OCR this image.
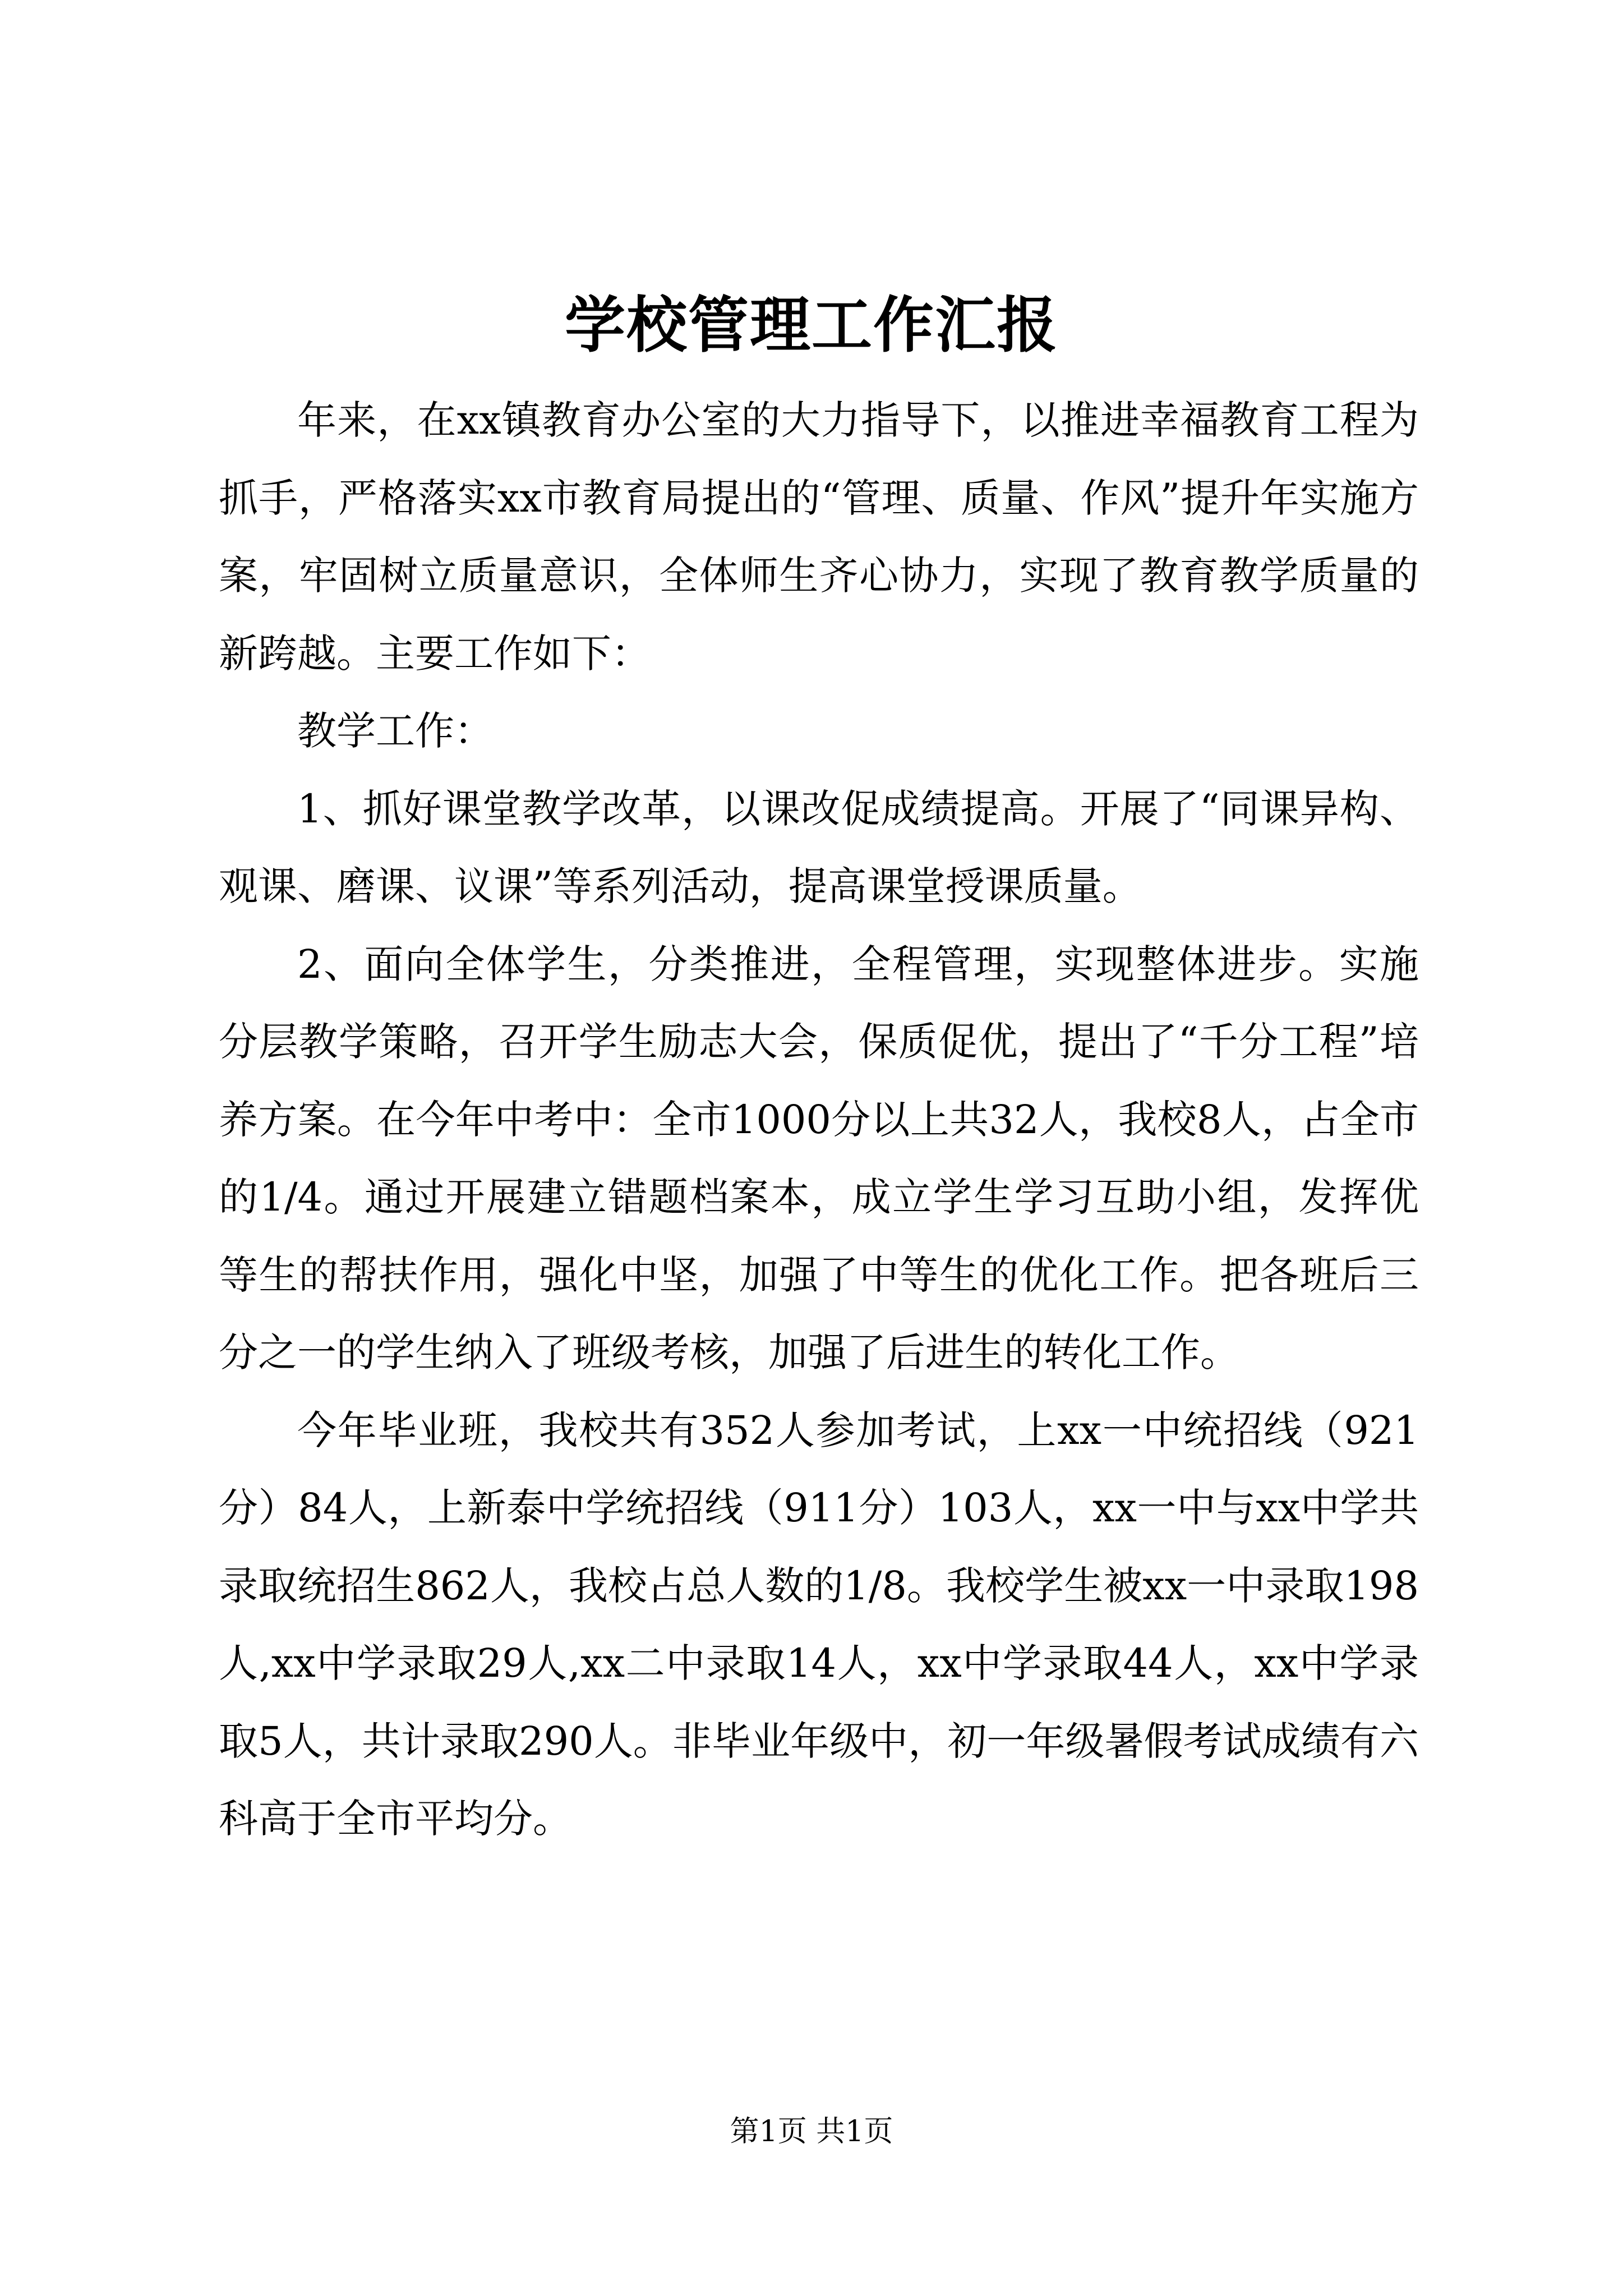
学校管理工作汇报

年来，在xx镇教育办公室的大力指导下，以推进幸福教育工程为抓手，严格落实xx市教育局提出的“管理、质量、作风”提升年实施方案，牢固树立质量意识，全体师生齐心协力，实现了教育教学质量的新跨越。主要工作如下：

教学工作：

1、抓好课堂教学改革，以课改促成绩提高。开展了“同课异构、观课、磨课、议课”等系列活动，提高课堂授课质量。

2、面向全体学生，分类推进，全程管理，实现整体进步。实施分层教学策略，召开学生励志大会，保质促优，提出了“千分工程”培养方案。在今年中考中：全市1000分以上共32人，我校8人，占全市的1/4。通过开展建立错题档案本，成立学生学习互助小组，发挥优等生的帮扶作用，强化中坚，加强了中等生的优化工作。把各班后三分之一的学生纳入了班级考核，加强了后进生的转化工作。

今年毕业班，我校共有352人参加考试，上xx一中统招线（921分）84人，上新泰中学统招线（911分）103人，xx一中与xx中学共录取统招生862人，我校占总人数的1/8。我校学生被xx一中录取198人,xx中学录取29人,xx二中录取14人，xx中学录取44人，xx中学录取5人，共计录取290人。非毕业年级中，初一年级暑假考试成绩有六科高于全市平均分。

第1页 共1页
